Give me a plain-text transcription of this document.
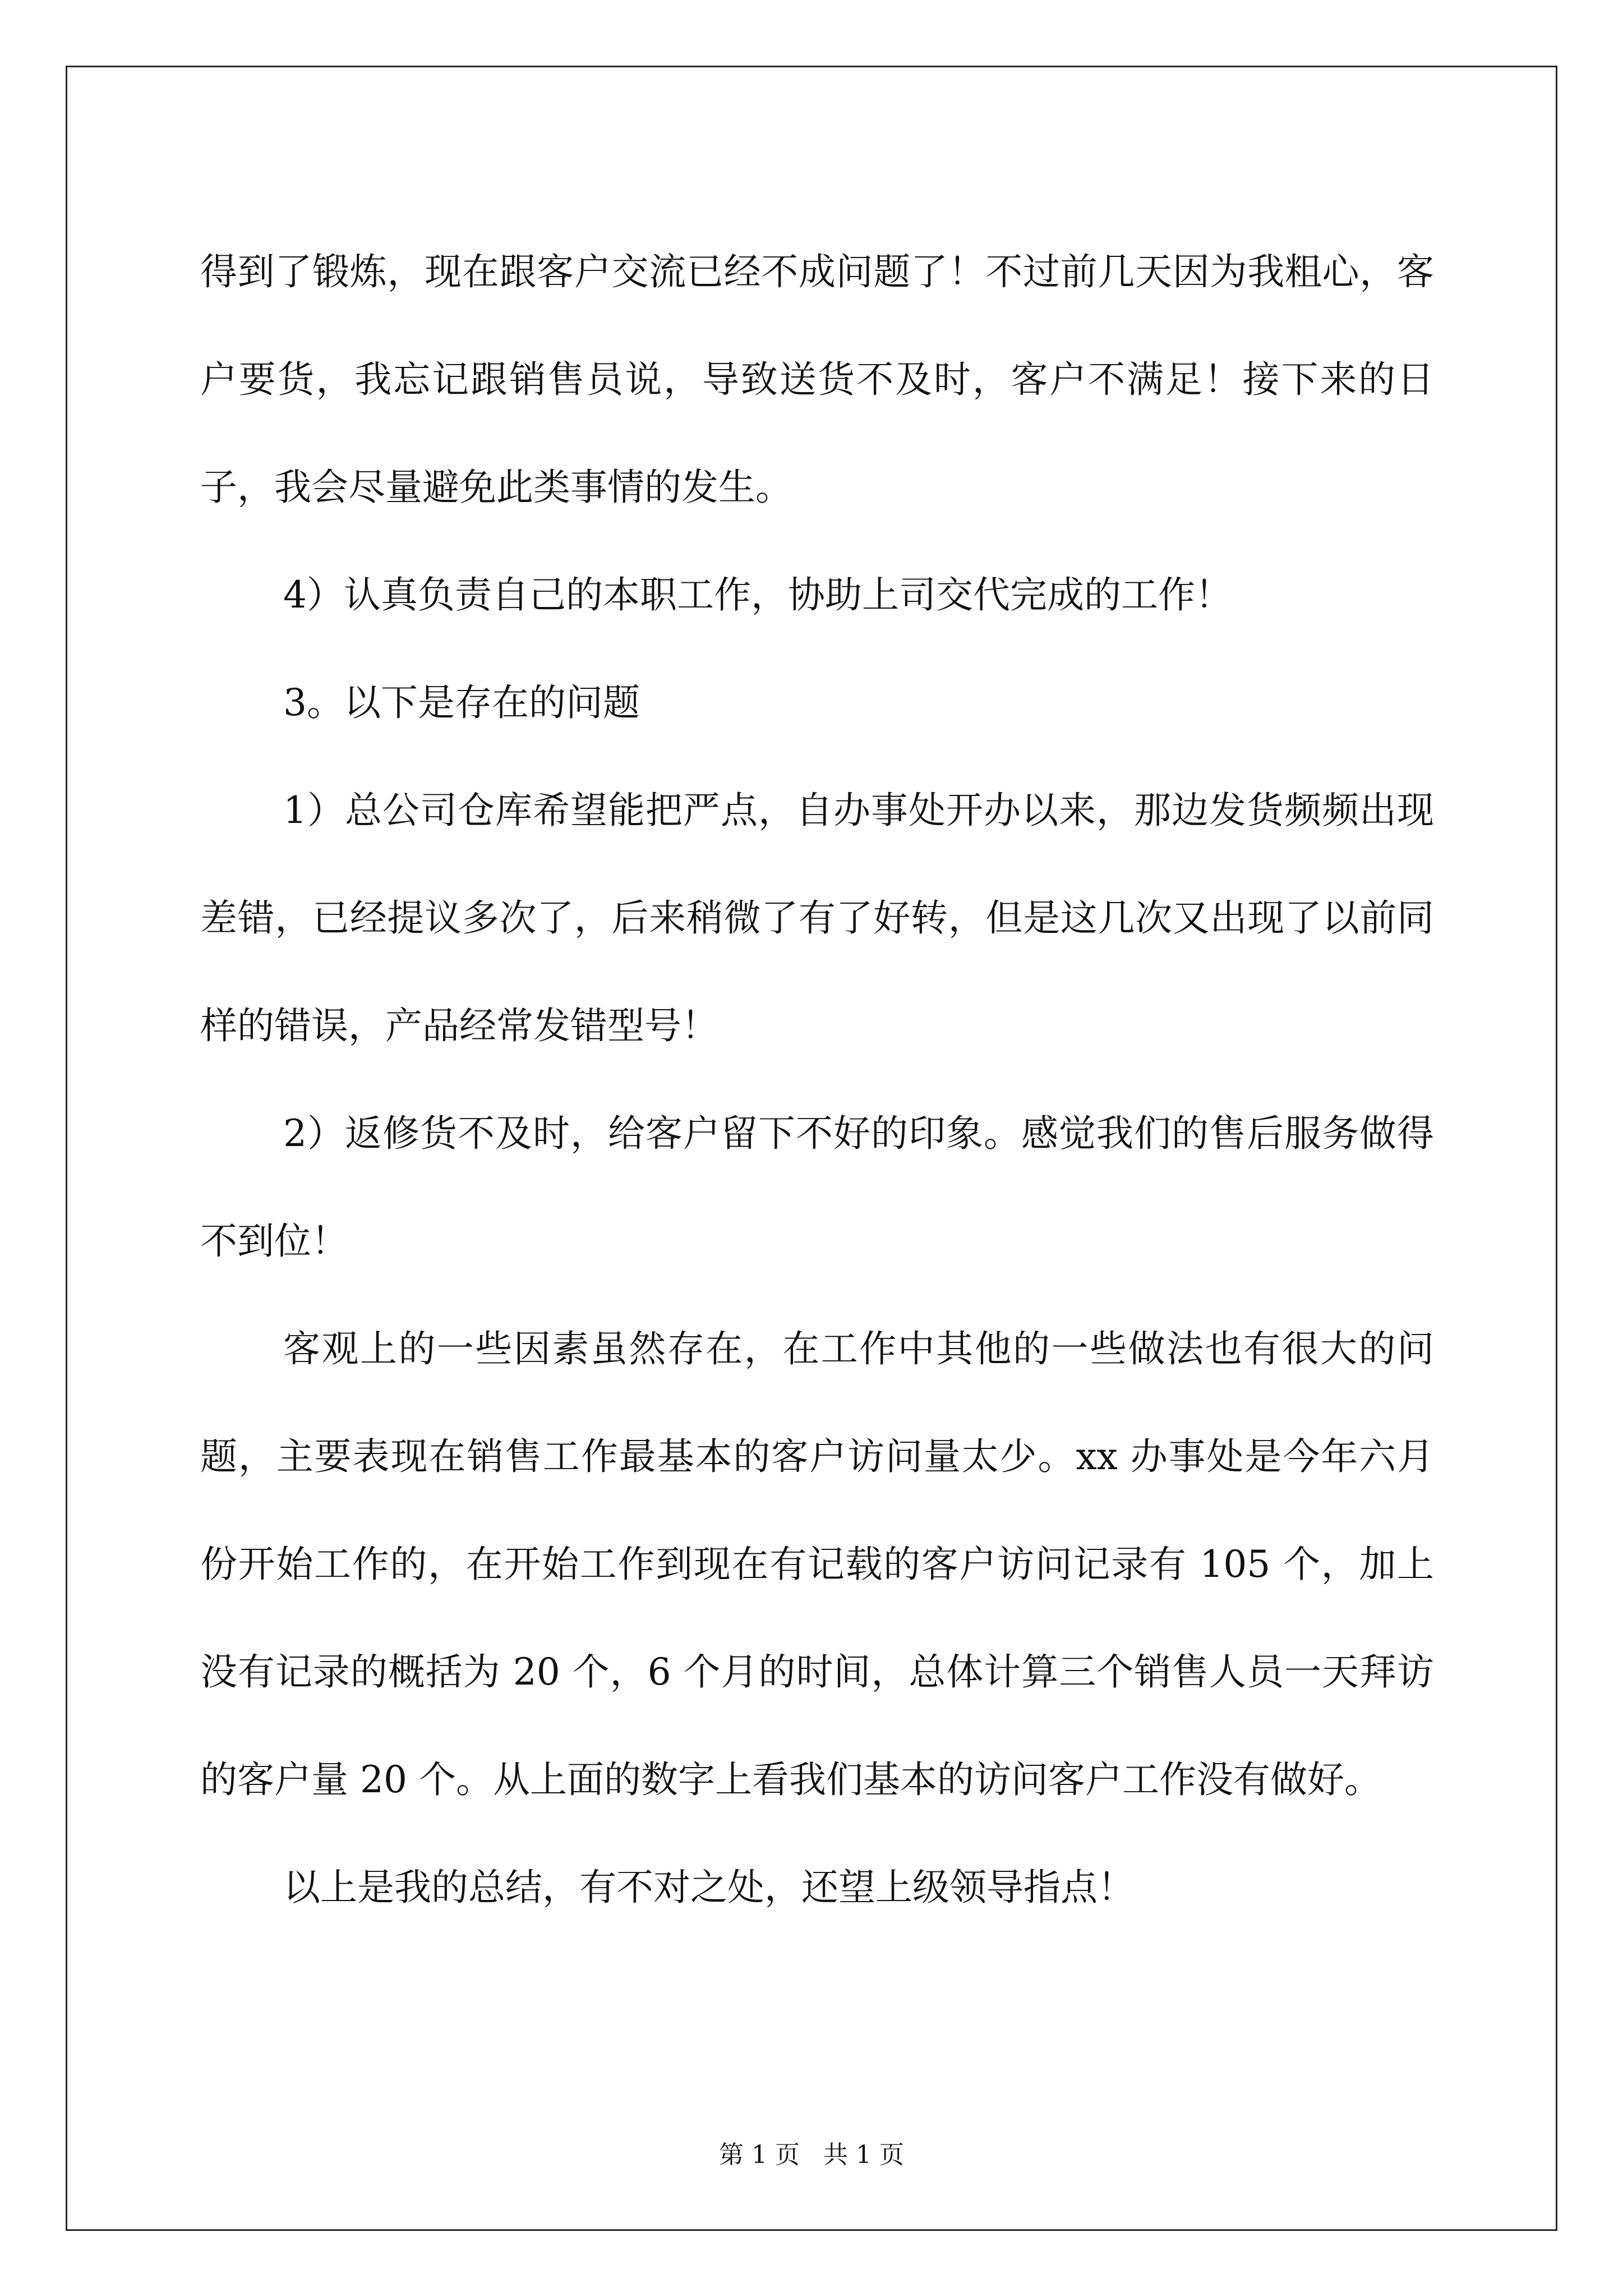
得到了锻炼，现在跟客户交流已经不成问题了！不过前几天因为我粗心，客户要货，我忘记跟销售员说，导致送货不及时，客户不满足！接下来的日子，我会尽量避免此类事情的发生。

4）认真负责自己的本职工作，协助上司交代完成的工作！

3。以下是存在的问题

1）总公司仓库希望能把严点，自办事处开办以来，那边发货频频出现差错，已经提议多次了，后来稍微了有了好转，但是这几次又出现了以前同样的错误，产品经常发错型号！

2）返修货不及时，给客户留下不好的印象。感觉我们的售后服务做得不到位！

客观上的一些因素虽然存在，在工作中其他的一些做法也有很大的问题，主要表现在销售工作最基本的客户访问量太少。xx 办事处是今年六月份开始工作的，在开始工作到现在有记载的客户访问记录有 105 个，加上没有记录的概括为 20 个，6 个月的时间，总体计算三个销售人员一天拜访的客户量 20 个。从上面的数字上看我们基本的访问客户工作没有做好。

以上是我的总结，有不对之处，还望上级领导指点！

第 1 页   共 1 页
